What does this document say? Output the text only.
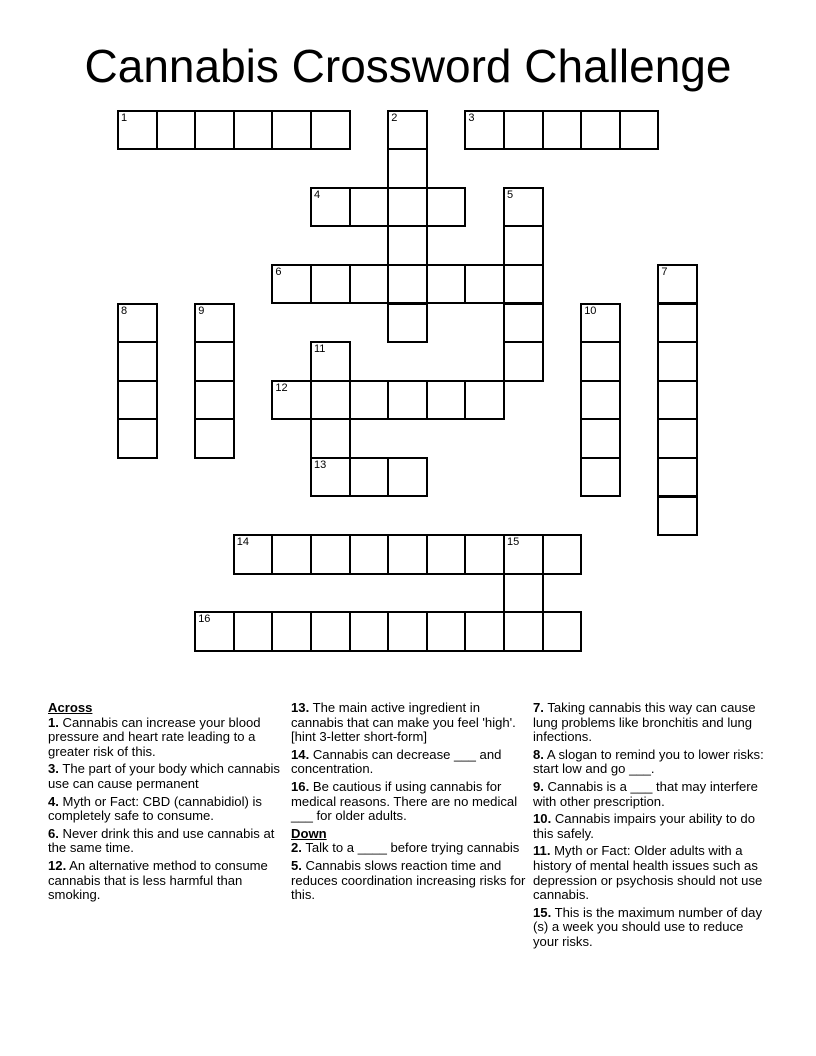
Cannabis Crossword Challenge
1	2	3
4	5
6	7
8	9	10
11
12
13
14	15
16
Across
1. Cannabis can increase your blood pressure and heart rate leading to a greater risk of this.
3. The part of your body which cannabis use can cause permanent
4. Myth or Fact: CBD (cannabidiol) is completely safe to consume.
6. Never drink this and use cannabis at the same time.
12. An alternative method to consume cannabis that is less harmful than smoking.
13. The main active ingredient in cannabis that can make you feel 'high'. [hint 3-letter short-form]
14. Cannabis can decrease ___ and concentration.
16. Be cautious if using cannabis for medical reasons. There are no medical ___ for older adults.
Down
2. Talk to a ____ before trying cannabis
5. Cannabis slows reaction time and reduces coordination increasing risks for this.
7. Taking cannabis this way can cause lung problems like bronchitis and lung infections.
8. A slogan to remind you to lower risks: start low and go ___.
9. Cannabis is a ___ that may interfere with other prescription.
10. Cannabis impairs your ability to do this safely.
11. Myth or Fact: Older adults with a history of mental health issues such as depression or psychosis should not use cannabis.
15. This is the maximum number of day (s) a week you should use to reduce your risks.
